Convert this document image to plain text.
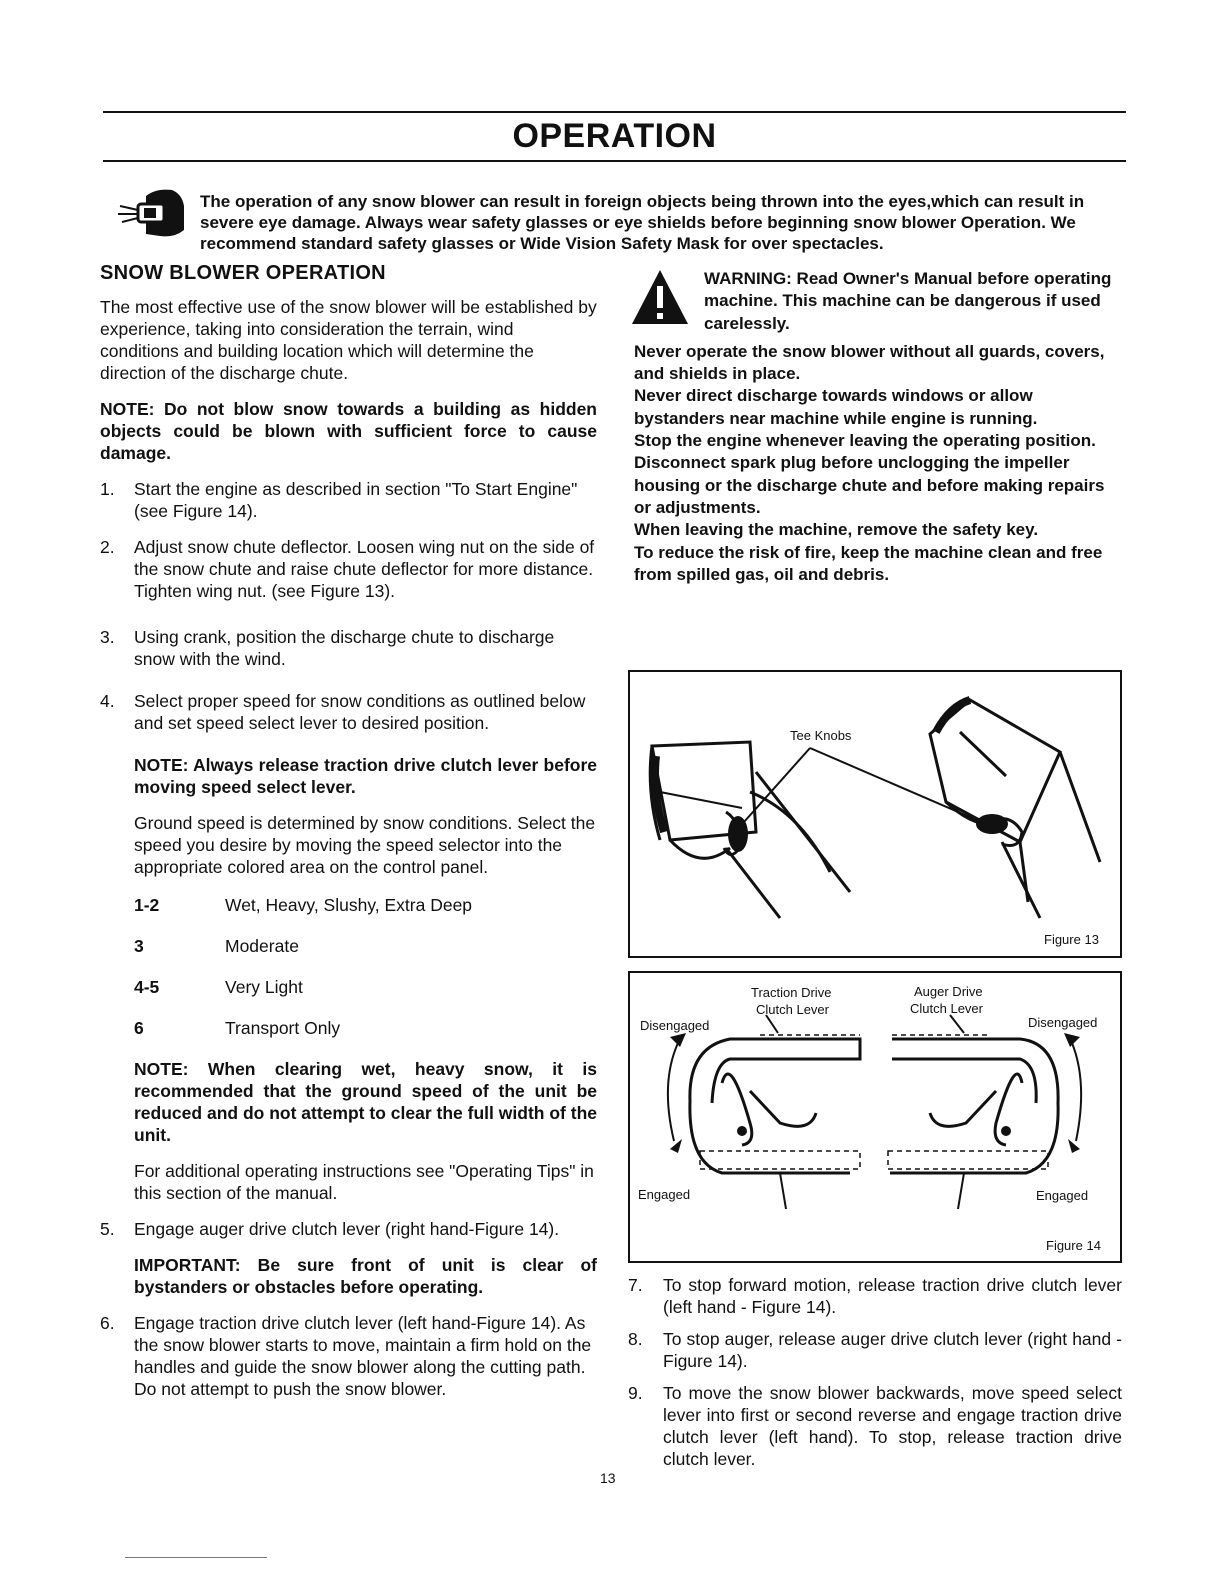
OPERATION
The operation of any snow blower can result in foreign objects being thrown into the eyes,which can result in severe eye damage. Always wear safety glasses or eye shields before beginning snow blower Operation. We recommend standard safety glasses or Wide Vision Safety Mask for over spectacles.
SNOW BLOWER OPERATION

The most effective use of the snow blower will be established by experience, taking into consideration the terrain, wind conditions and building location which will determine the direction of the discharge chute.

NOTE: Do not blow snow towards a building as hidden objects could be blown with sufficient force to cause damage.

1. Start the engine as described in section "To Start Engine" (see Figure 14).
2. Adjust snow chute deflector. Loosen wing nut on the side of the snow chute and raise chute deflector for more distance. Tighten wing nut. (see Figure 13).
3. Using crank, position the discharge chute to discharge snow with the wind.
4. Select proper speed for snow conditions as outlined below and set speed select lever to desired position.

NOTE: Always release traction drive clutch lever before moving speed select lever.

Ground speed is determined by snow conditions. Select the speed you desire by moving the speed selector into the appropriate colored area on the control panel.

1-2	Wet, Heavy, Slushy, Extra Deep
3	Moderate
4-5	Very Light
6	Transport Only

NOTE: When clearing wet, heavy snow, it is recommended that the ground speed of the unit be reduced and do not attempt to clear the full width of the unit.

For additional operating instructions see "Operating Tips" in this section of the manual.

5. Engage auger drive clutch lever (right hand-Figure 14).

IMPORTANT: Be sure front of unit is clear of bystanders or obstacles before operating.

6. Engage traction drive clutch lever (left hand-Figure 14). As the snow blower starts to move, maintain a firm hold on the handles and guide the snow blower along the cutting path. Do not attempt to push the snow blower.

WARNING: Read Owner's Manual before operating machine. This machine can be dangerous if used carelessly.

Never operate the snow blower without all guards, covers, and shields in place.

Never direct discharge towards windows or allow bystanders near machine while engine is running.

Stop the engine whenever leaving the operating position.

Disconnect spark plug before unclogging the impeller housing or the discharge chute and before making repairs or adjustments.

When leaving the machine, remove the safety key.

To reduce the risk of fire, keep the machine clean and free from spilled gas, oil and debris.

Tee Knobs
Figure 13
Traction Drive
Clutch Lever
Auger Drive
Clutch Lever
Disengaged	Disengaged
Engaged	Engaged
Figure 14
7. To stop forward motion, release traction drive clutch lever (left hand - Figure 14).
8. To stop auger, release auger drive clutch lever (right hand - Figure 14).
9. To move the snow blower backwards, move speed select lever into first or second reverse and engage traction drive clutch lever (left hand). To stop, release traction drive clutch lever.
13
